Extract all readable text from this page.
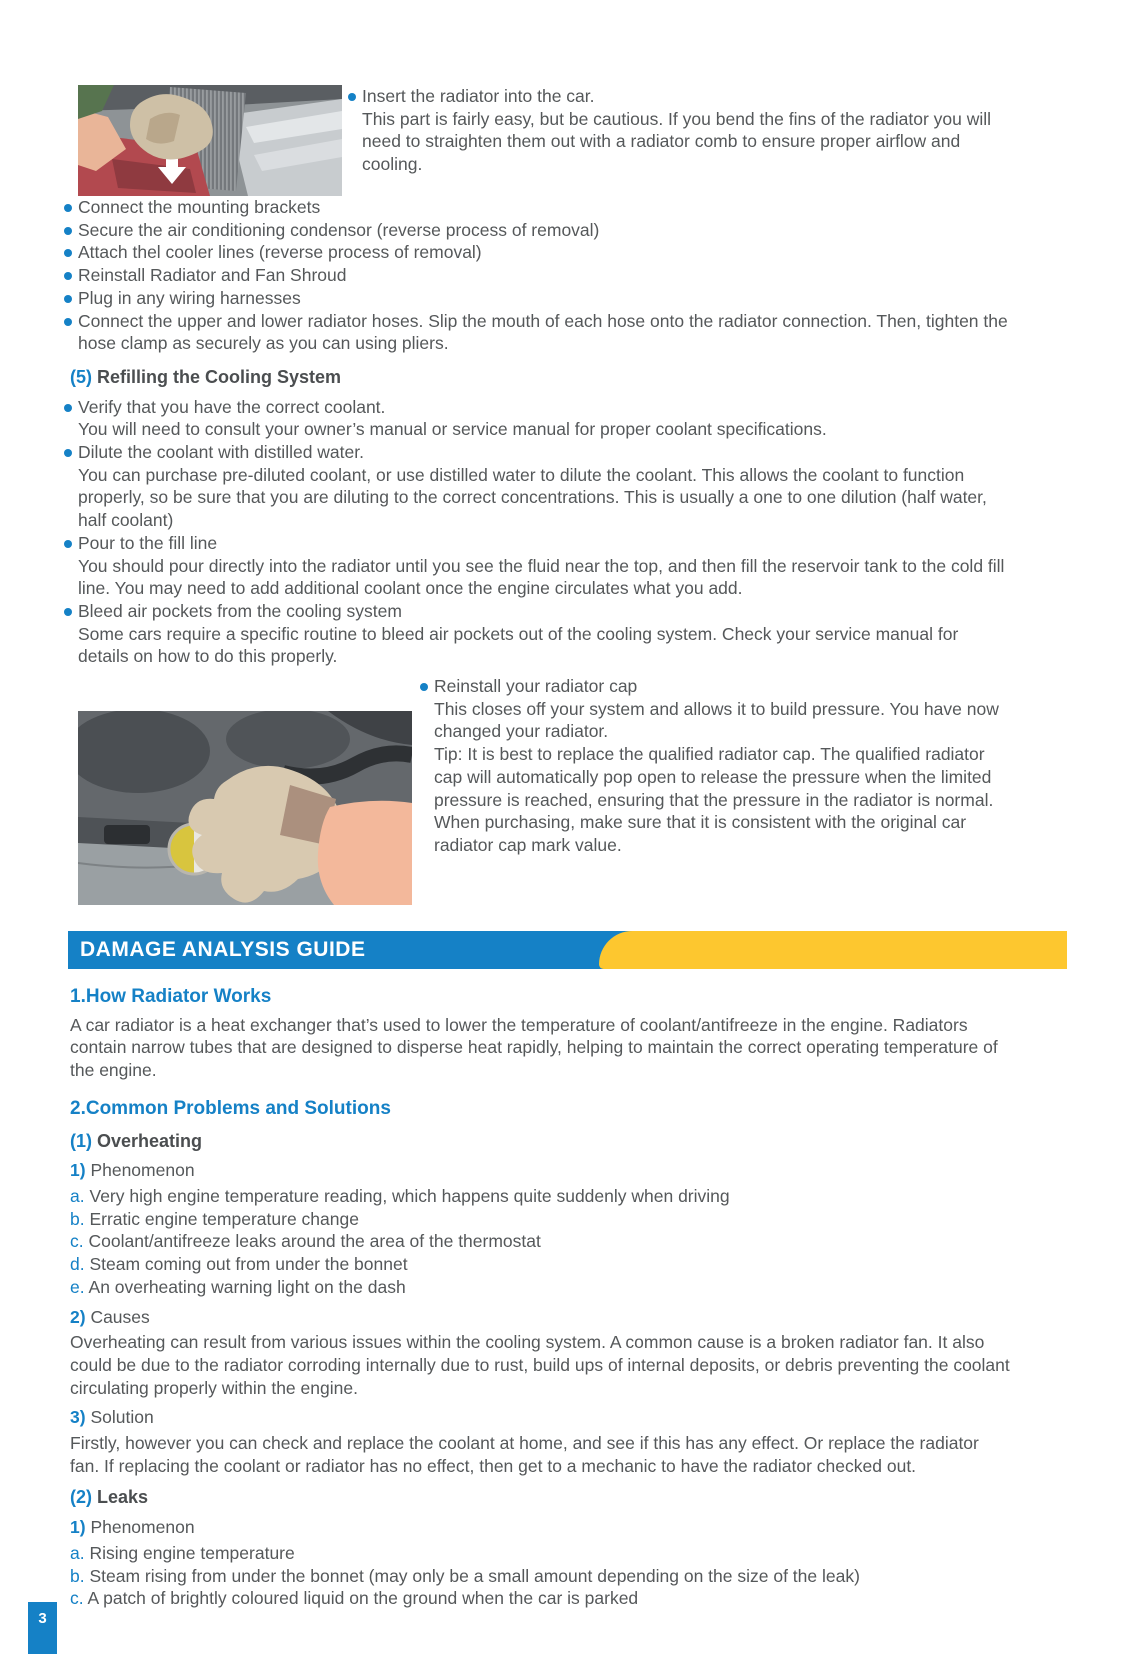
Insert the radiator into the car.
This part is fairly easy, but be cautious. If you bend the fins of the radiator you will need to straighten them out with a radiator comb to ensure proper airflow and cooling.
Connect the mounting brackets
Secure the air conditioning condensor (reverse process of removal)
Attach thel cooler lines (reverse process of removal)
Reinstall Radiator and Fan Shroud
Plug in any wiring harnesses
Connect the upper and lower radiator hoses. Slip the mouth of each hose onto the radiator connection. Then, tighten the hose clamp as securely as you can using pliers.
(5) Refilling the Cooling System
Verify that you have the correct coolant.
You will need to consult your owner’s manual or service manual for proper coolant specifications.
Dilute the coolant with distilled water.
You can purchase pre-diluted coolant, or use distilled water to dilute the coolant. This allows the coolant to function properly, so be sure that you are diluting to the correct concentrations. This is usually a one to one dilution (half water, half coolant)
Pour to the fill line
You should pour directly into the radiator until you see the fluid near the top, and then fill the reservoir tank to the cold fill line. You may need to add additional coolant once the engine circulates what you add.
Bleed air pockets from the cooling system
Some cars require a specific routine to bleed air pockets out of the cooling system. Check your service manual for details on how to do this properly.
Reinstall your radiator cap
This closes off your system and allows it to build pressure. You have now changed your radiator.
Tip: It is best to replace the qualified radiator cap. The qualified radiator cap will automatically pop open to release the pressure when the limited pressure is reached, ensuring that the pressure in the radiator is normal. When purchasing, make sure that it is consistent with the original car radiator cap mark value.
DAMAGE ANALYSIS GUIDE
1.How Radiator Works

A car radiator is a heat exchanger that’s used to lower the temperature of coolant/antifreeze in the engine. Radiators contain narrow tubes that are designed to disperse heat rapidly, helping to maintain the correct operating temperature of the engine.

2.Common Problems and Solutions
(1) Overheating
1) Phenomenon
a. Very high engine temperature reading, which happens quite suddenly when driving
b. Erratic engine temperature change
c. Coolant/antifreeze leaks around the area of the thermostat
d. Steam coming out from under the bonnet
e. An overheating warning light on the dash
2) Causes

Overheating can result from various issues within the cooling system. A common cause is a broken radiator fan. It also could be due to the radiator corroding internally due to rust, build ups of internal deposits, or debris preventing the coolant circulating properly within the engine.

3) Solution

Firstly, however you can check and replace the coolant at home, and see if this has any effect. Or replace the radiator fan. If replacing the coolant or radiator has no effect, then get to a mechanic to have the radiator checked out.

(2) Leaks
1) Phenomenon
a. Rising engine temperature
b. Steam rising from under the bonnet (may only be a small amount depending on the size of the leak)
c. A patch of brightly coloured liquid on the ground when the car is parked
3
